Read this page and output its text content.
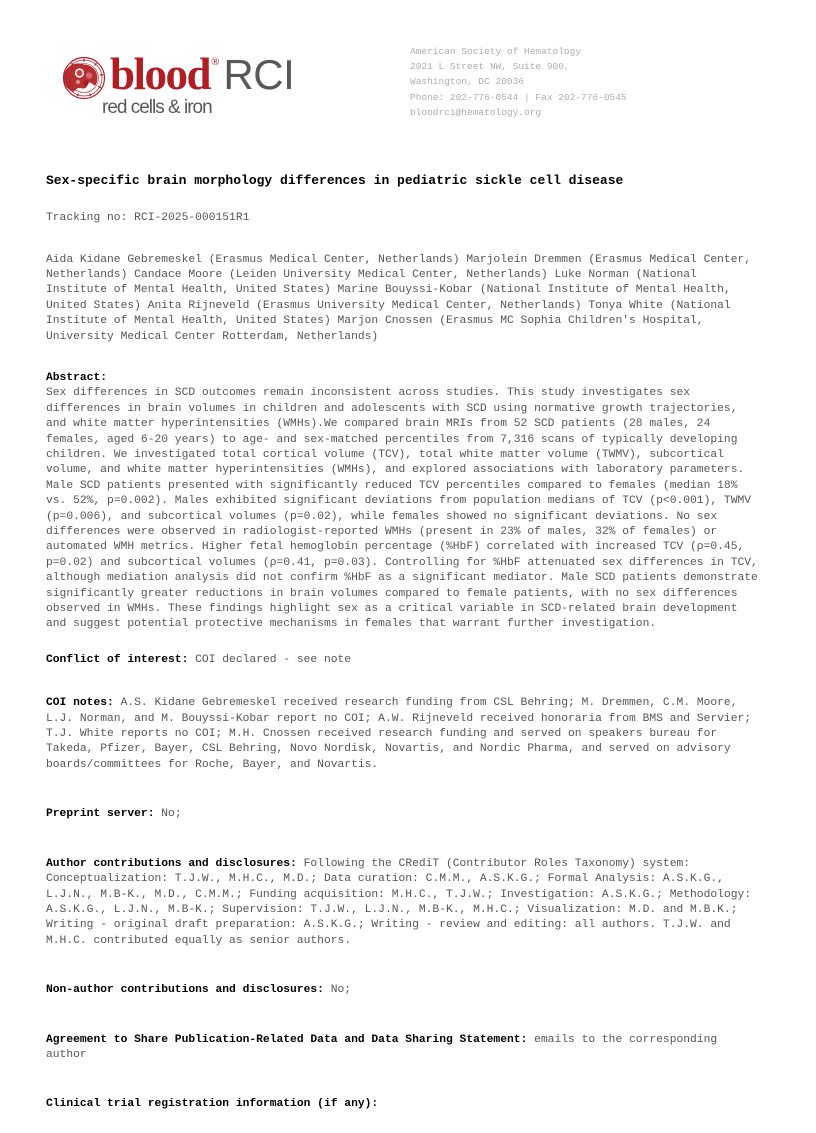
blood®RCI
red cells & iron
American Society of Hematology
2021 L Street NW, Suite 900,
Washington, DC 20036
Phone: 202-776-0544 | Fax 202-776-0545
bloodrci@hematology.org
Sex-specific brain morphology differences in pediatric sickle cell disease

Tracking no: RCI-2025-000151R1

Aida Kidane Gebremeskel (Erasmus Medical Center, Netherlands) Marjolein Dremmen (Erasmus Medical Center, Netherlands) Candace Moore (Leiden University Medical Center, Netherlands) Luke Norman (National Institute of Mental Health, United States) Marine Bouyssi-Kobar (National Institute of Mental Health, United States) Anita Rijneveld (Erasmus University Medical Center, Netherlands) Tonya White (National Institute of Mental Health, United States) Marjon Cnossen (Erasmus MC Sophia Children's Hospital, University Medical Center Rotterdam, Netherlands)

Abstract:
Sex differences in SCD outcomes remain inconsistent across studies. This study investigates sex differences in brain volumes in children and adolescents with SCD using normative growth trajectories, and white matter hyperintensities (WMHs).We compared brain MRIs from 52 SCD patients (28 males, 24 females, aged 6-20 years) to age- and sex-matched percentiles from 7,316 scans of typically developing children. We investigated total cortical volume (TCV), total white matter volume (TWMV), subcortical volume, and white matter hyperintensities (WMHs), and explored associations with laboratory parameters. Male SCD patients presented with significantly reduced TCV percentiles compared to females (median 18% vs. 52%, p=0.002). Males exhibited significant deviations from population medians of TCV (p<0.001), TWMV (p=0.006), and subcortical volumes (p=0.02), while females showed no significant deviations. No sex differences were observed in radiologist-reported WMHs (present in 23% of males, 32% of females) or automated WMH metrics. Higher fetal hemoglobin percentage (%HbF) correlated with increased TCV (ρ=0.45, p=0.02) and subcortical volumes (ρ=0.41, p=0.03). Controlling for %HbF attenuated sex differences in TCV, although mediation analysis did not confirm %HbF as a significant mediator. Male SCD patients demonstrate significantly greater reductions in brain volumes compared to female patients, with no sex differences observed in WMHs. These findings highlight sex as a critical variable in SCD-related brain development and suggest potential protective mechanisms in females that warrant further investigation.

Conflict of interest: COI declared - see note

COI notes: A.S. Kidane Gebremeskel received research funding from CSL Behring; M. Dremmen, C.M. Moore, L.J. Norman, and M. Bouyssi-Kobar report no COI; A.W. Rijneveld received honoraria from BMS and Servier; T.J. White reports no COI; M.H. Cnossen received research funding and served on speakers bureau for Takeda, Pfizer, Bayer, CSL Behring, Novo Nordisk, Novartis, and Nordic Pharma, and served on advisory boards/committees for Roche, Bayer, and Novartis.

Preprint server: No;

Author contributions and disclosures: Following the CRediT (Contributor Roles Taxonomy) system: Conceptualization: T.J.W., M.H.C., M.D.; Data curation: C.M.M., A.S.K.G.; Formal Analysis: A.S.K.G., L.J.N., M.B-K., M.D., C.M.M.; Funding acquisition: M.H.C., T.J.W.; Investigation: A.S.K.G.; Methodology: A.S.K.G., L.J.N., M.B-K.; Supervision: T.J.W., L.J.N., M.B-K., M.H.C.; Visualization: M.D. and M.B.K.; Writing - original draft preparation: A.S.K.G.; Writing - review and editing: all authors. T.J.W. and M.H.C. contributed equally as senior authors.

Non-author contributions and disclosures: No;

Agreement to Share Publication-Related Data and Data Sharing Statement: emails to the corresponding author

Clinical trial registration information (if any):
